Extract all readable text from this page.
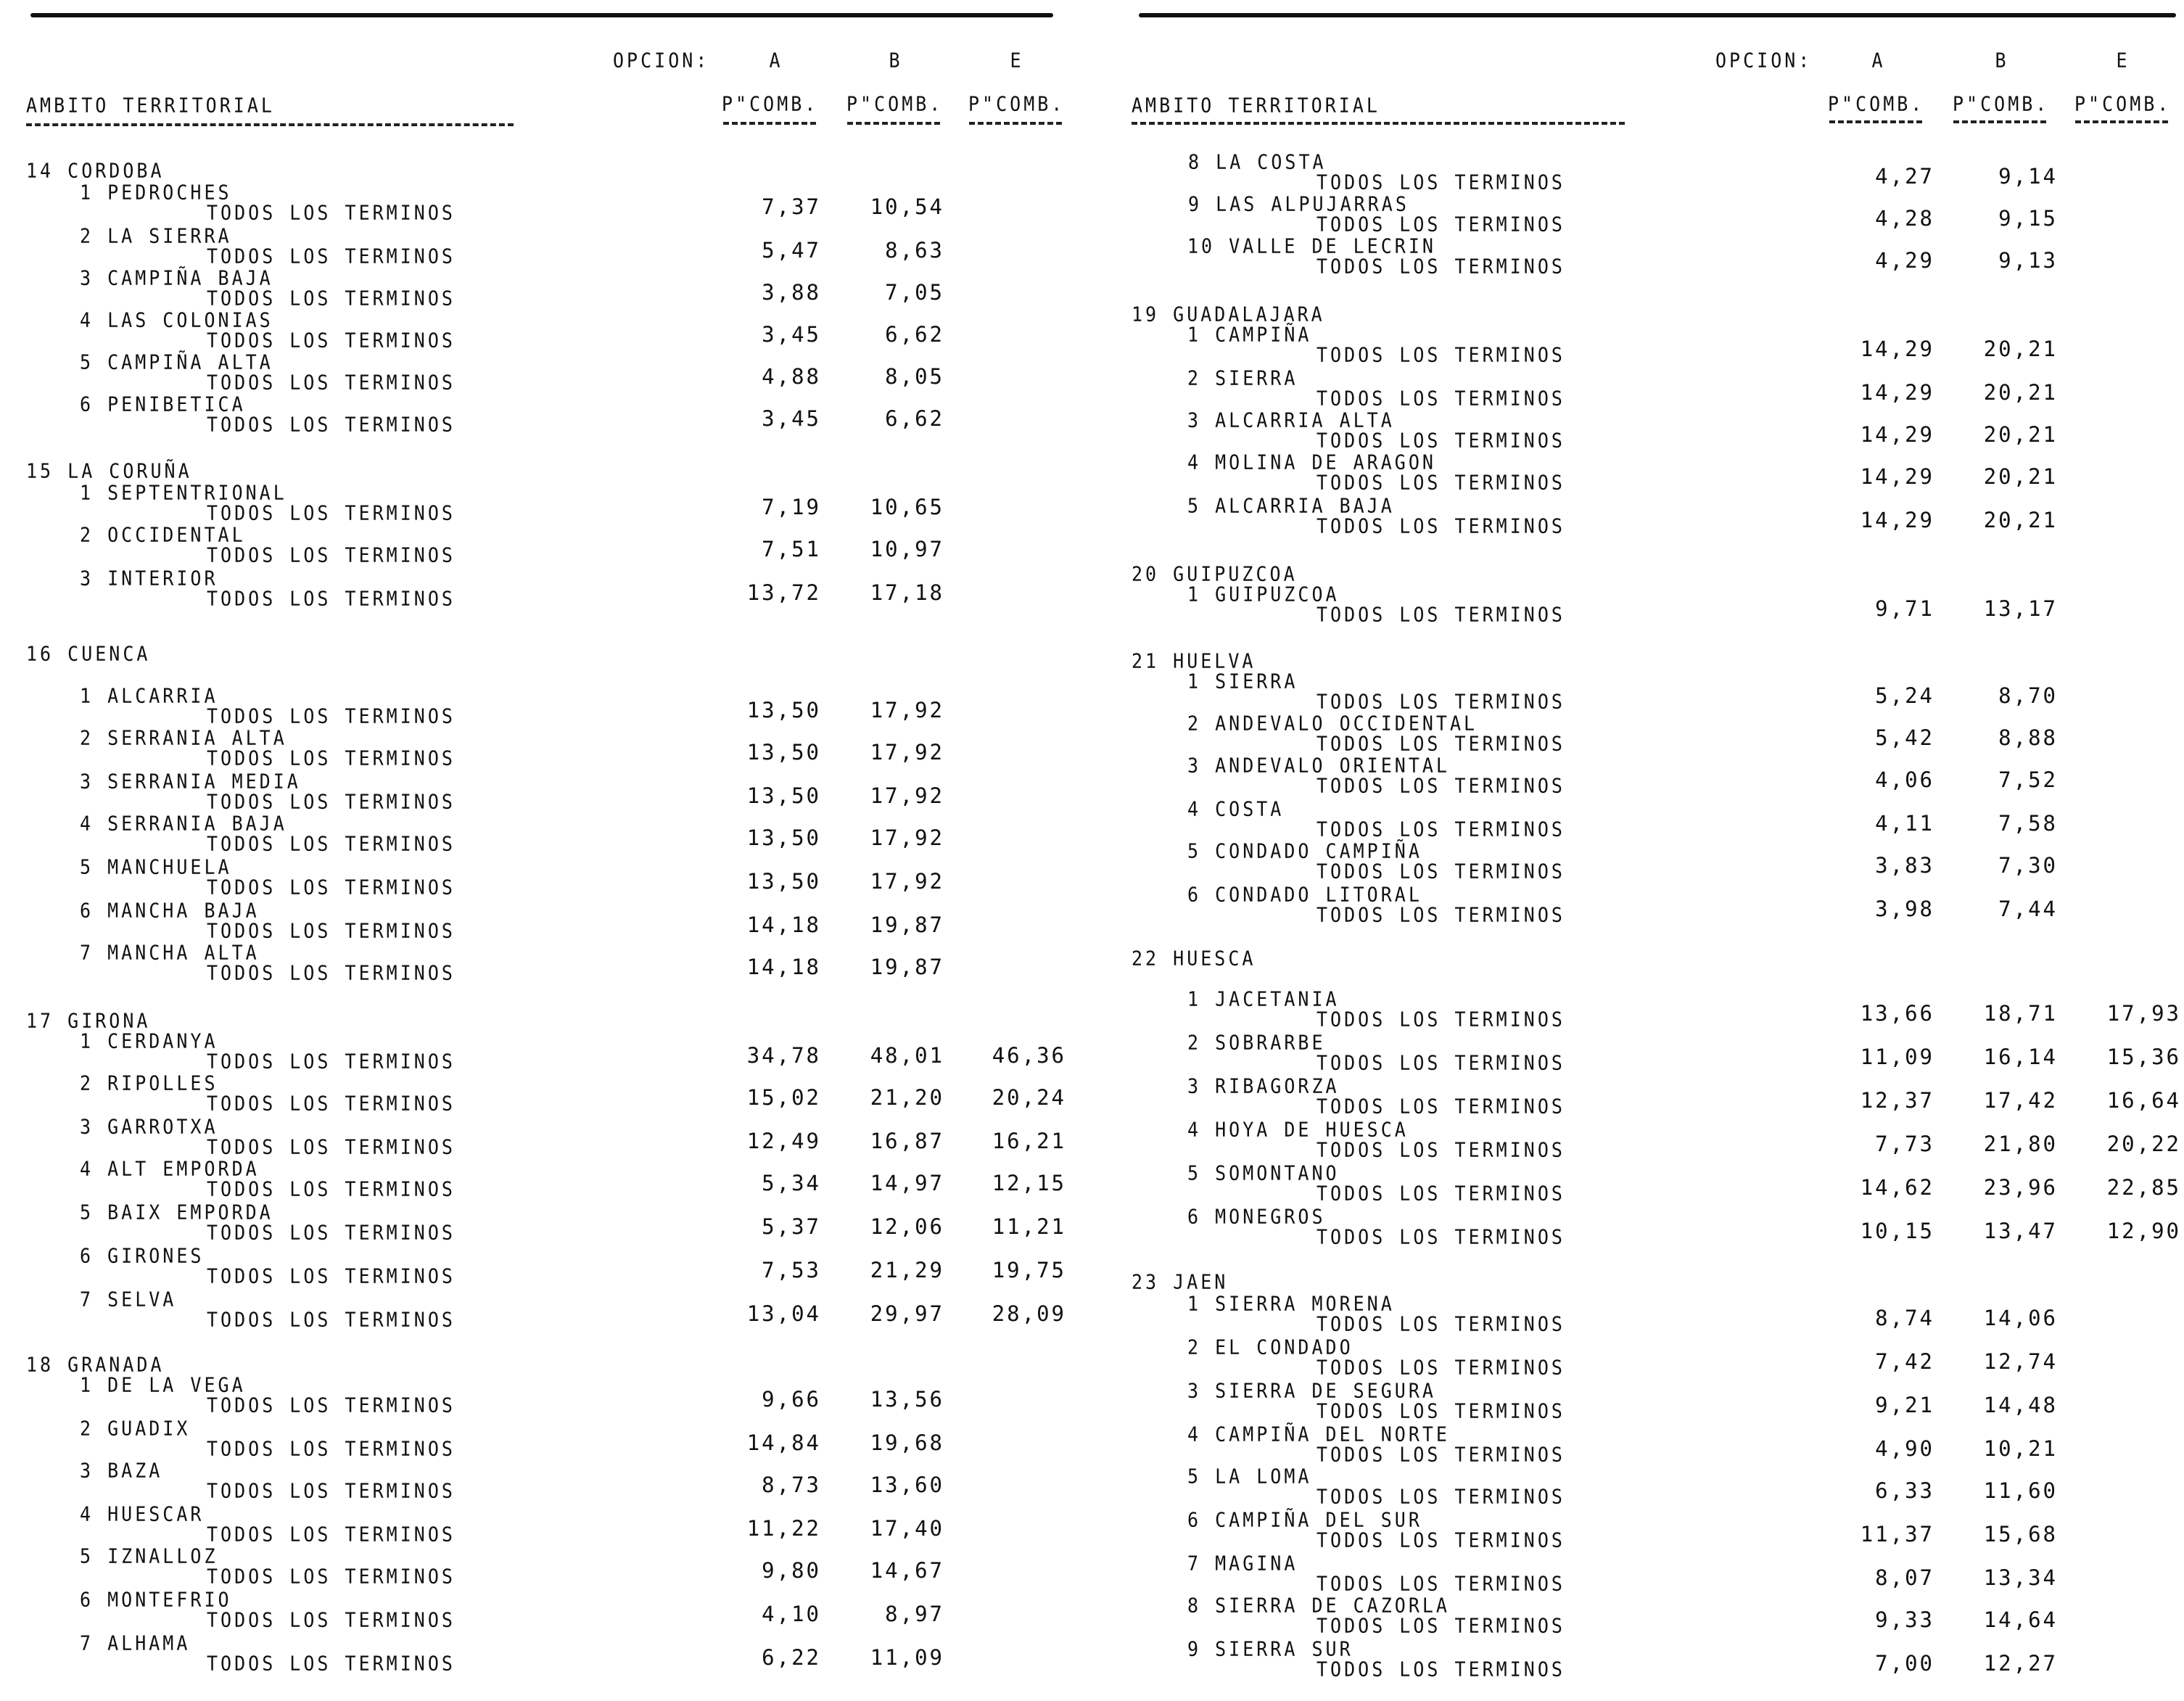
OPCION:	A	B	E
AMBITO TERRITORIAL	P"COMB. P"COMB. P"COMB.
14 CORDOBA
1 PEDROCHES
TODOS LOS TERMINOS	7,37	10,54
2 LA SIERRA
TODOS LOS TERMINOS	5,47	8,63
3 CAMPIÑA BAJA
TODOS LOS TERMINOS	3,88	7,05
4 LAS COLONIAS
TODOS LOS TERMINOS	3,45	6,62
5 CAMPIÑA ALTA
TODOS LOS TERMINOS	4,88	8,05
6 PENIBETICA
TODOS LOS TERMINOS	3,45	6,62
15 LA CORUÑA
1 SEPTENTRIONAL
TODOS LOS TERMINOS	7,19	10,65
2 OCCIDENTAL
TODOS LOS TERMINOS	7,51	10,97
3 INTERIOR
TODOS LOS TERMINOS	13,72	17,18
16 CUENCA
1 ALCARRIA
TODOS LOS TERMINOS	13,50	17,92
2 SERRANIA ALTA
TODOS LOS TERMINOS	13,50	17,92
3 SERRANIA MEDIA
TODOS LOS TERMINOS	13,50	17,92
4 SERRANIA BAJA
TODOS LOS TERMINOS	13,50	17,92
5 MANCHUELA
TODOS LOS TERMINOS	13,50	17,92
6 MANCHA BAJA
TODOS LOS TERMINOS	14,18	19,87
7 MANCHA ALTA
TODOS LOS TERMINOS	14,18	19,87
17 GIRONA
1 CERDANYA
TODOS LOS TERMINOS	34,78	48,01	46,36
2 RIPOLLES
TODOS LOS TERMINOS	15,02	21,20	20,24
3 GARROTXA
TODOS LOS TERMINOS	12,49	16,87	16,21
4 ALT EMPORDA
TODOS LOS TERMINOS	5,34	14,97	12,15
5 BAIX EMPORDA
TODOS LOS TERMINOS	5,37	12,06	11,21
6 GIRONES
TODOS LOS TERMINOS	7,53	21,29	19,75
7 SELVA
TODOS LOS TERMINOS	13,04	29,97	28,09
18 GRANADA
1 DE LA VEGA
TODOS LOS TERMINOS	9,66	13,56
2 GUADIX
TODOS LOS TERMINOS	14,84	19,68
3 BAZA
TODOS LOS TERMINOS	8,73	13,60
4 HUESCAR
TODOS LOS TERMINOS	11,22	17,40
5 IZNALLOZ
TODOS LOS TERMINOS	9,80	14,67
6 MONTEFRIO
TODOS LOS TERMINOS	4,10	8,97
7 ALHAMA
TODOS LOS TERMINOS	6,22	11,09
OPCION:	A	B	E
AMBITO TERRITORIAL	P"COMB. P"COMB. P"COMB.
8 LA COSTA
TODOS LOS TERMINOS	4,27	9,14
9 LAS ALPUJARRAS
TODOS LOS TERMINOS	4,28	9,15
10 VALLE DE LECRIN
TODOS LOS TERMINOS	4,29	9,13
19 GUADALAJARA
1 CAMPIÑA
TODOS LOS TERMINOS	14,29	20,21
2 SIERRA
TODOS LOS TERMINOS	14,29	20,21
3 ALCARRIA ALTA
TODOS LOS TERMINOS	14,29	20,21
4 MOLINA DE ARAGON
TODOS LOS TERMINOS	14,29	20,21
5 ALCARRIA BAJA
TODOS LOS TERMINOS	14,29	20,21
20 GUIPUZCOA
1 GUIPUZCOA
TODOS LOS TERMINOS	9,71	13,17
21 HUELVA
1 SIERRA
TODOS LOS TERMINOS	5,24	8,70
2 ANDEVALO OCCIDENTAL
TODOS LOS TERMINOS	5,42	8,88
3 ANDEVALO ORIENTAL
TODOS LOS TERMINOS	4,06	7,52
4 COSTA
TODOS LOS TERMINOS	4,11	7,58
5 CONDADO CAMPIÑA
TODOS LOS TERMINOS	3,83	7,30
6 CONDADO LITORAL
TODOS LOS TERMINOS	3,98	7,44
22 HUESCA
1 JACETANIA
TODOS LOS TERMINOS	13,66	18,71	17,93
2 SOBRARBE
TODOS LOS TERMINOS	11,09	16,14	15,36
3 RIBAGORZA
TODOS LOS TERMINOS	12,37	17,42	16,64
4 HOYA DE HUESCA
TODOS LOS TERMINOS	7,73	21,80	20,22
5 SOMONTANO
TODOS LOS TERMINOS	14,62	23,96	22,85
6 MONEGROS
TODOS LOS TERMINOS	10,15	13,47	12,90
23 JAEN
1 SIERRA MORENA
TODOS LOS TERMINOS	8,74	14,06
2 EL CONDADO
TODOS LOS TERMINOS	7,42	12,74
3 SIERRA DE SEGURA
TODOS LOS TERMINOS	9,21	14,48
4 CAMPIÑA DEL NORTE
TODOS LOS TERMINOS	4,90	10,21
5 LA LOMA
TODOS LOS TERMINOS	6,33	11,60
6 CAMPIÑA DEL SUR
TODOS LOS TERMINOS	11,37	15,68
7 MAGINA
TODOS LOS TERMINOS	8,07	13,34
8 SIERRA DE CAZORLA
TODOS LOS TERMINOS	9,33	14,64
9 SIERRA SUR
TODOS LOS TERMINOS	7,00	12,27
